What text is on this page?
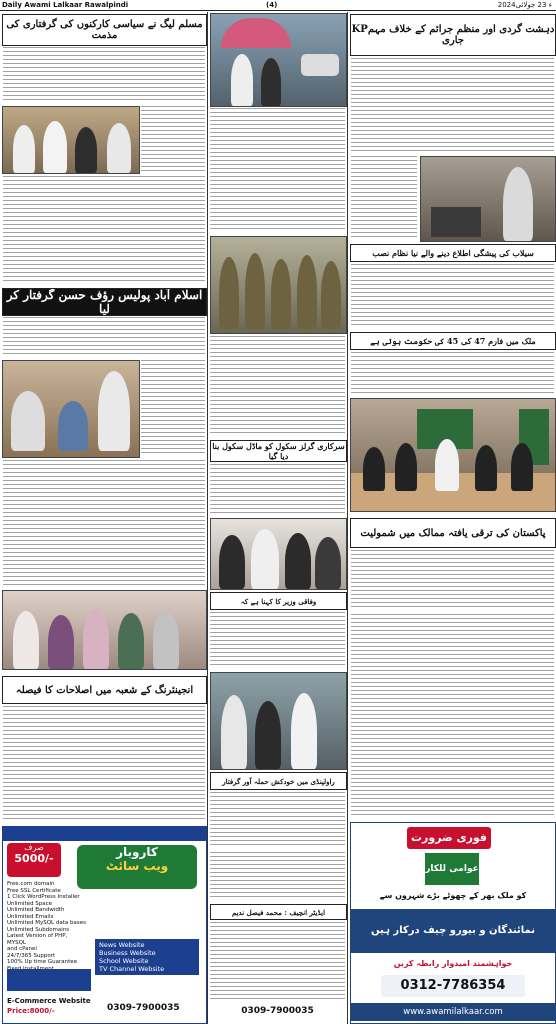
Daily Awami Lalkaar Rawalpindi	(4)	2024ء 23 جولائی
مسلم لیگ نے سیاسی کارکنوں کی گرفتاری کی مذمت
اسلام آباد پولیس رؤف حسن گرفتار کر لیا
انجینئرنگ کے شعبہ میں اصلاحات کا فیصلہ
صرف
5000/-	کاروبار
ویب سائٹ
Free.com domain
Free SSL Certificate
1 Click WordPress Installer
Unlimited Space
Unlimited Bandwidth
Unlimited Emails
Unlimited MySQL data bases
Unlimited Subdomains
Latest Version of PHP, MYSQL
and cPanel
24/7/365 Support
100% Up time Guarantee
News Website
Business Website
School Website
TV Channel Website
E-Commerce Website
Price:8000/-	0309-7900035
سرکاری گرلز سکول کو ماڈل سکول بنا دیا گیا
وفاقی وزیر کا کہنا ہے کہ
راولپنڈی میں خودکش حملہ آور گرفتار
ایڈیٹر انچیف : محمد فیصل ندیم
0309-7900035
KPدہشت گردی اور منظم جرائم کے خلاف مہم جاری
سیلاب کی پیشگی اطلاع دینے والے نیا نظام نصب
ملک میں فارم 47 کی 45 کی حکومت ہوئی ہے
پاکستان کی ترقی یافتہ ممالک میں شمولیت
فوری ضرورت
عوامی للکار
کو ملک بھر کے چھوٹے بڑے شہروں سے
نمائندگان و بیورو چیف درکار ہیں
خواہشمند امیدوار رابطہ کریں
0312-7786354
www.awamilalkaar.com
